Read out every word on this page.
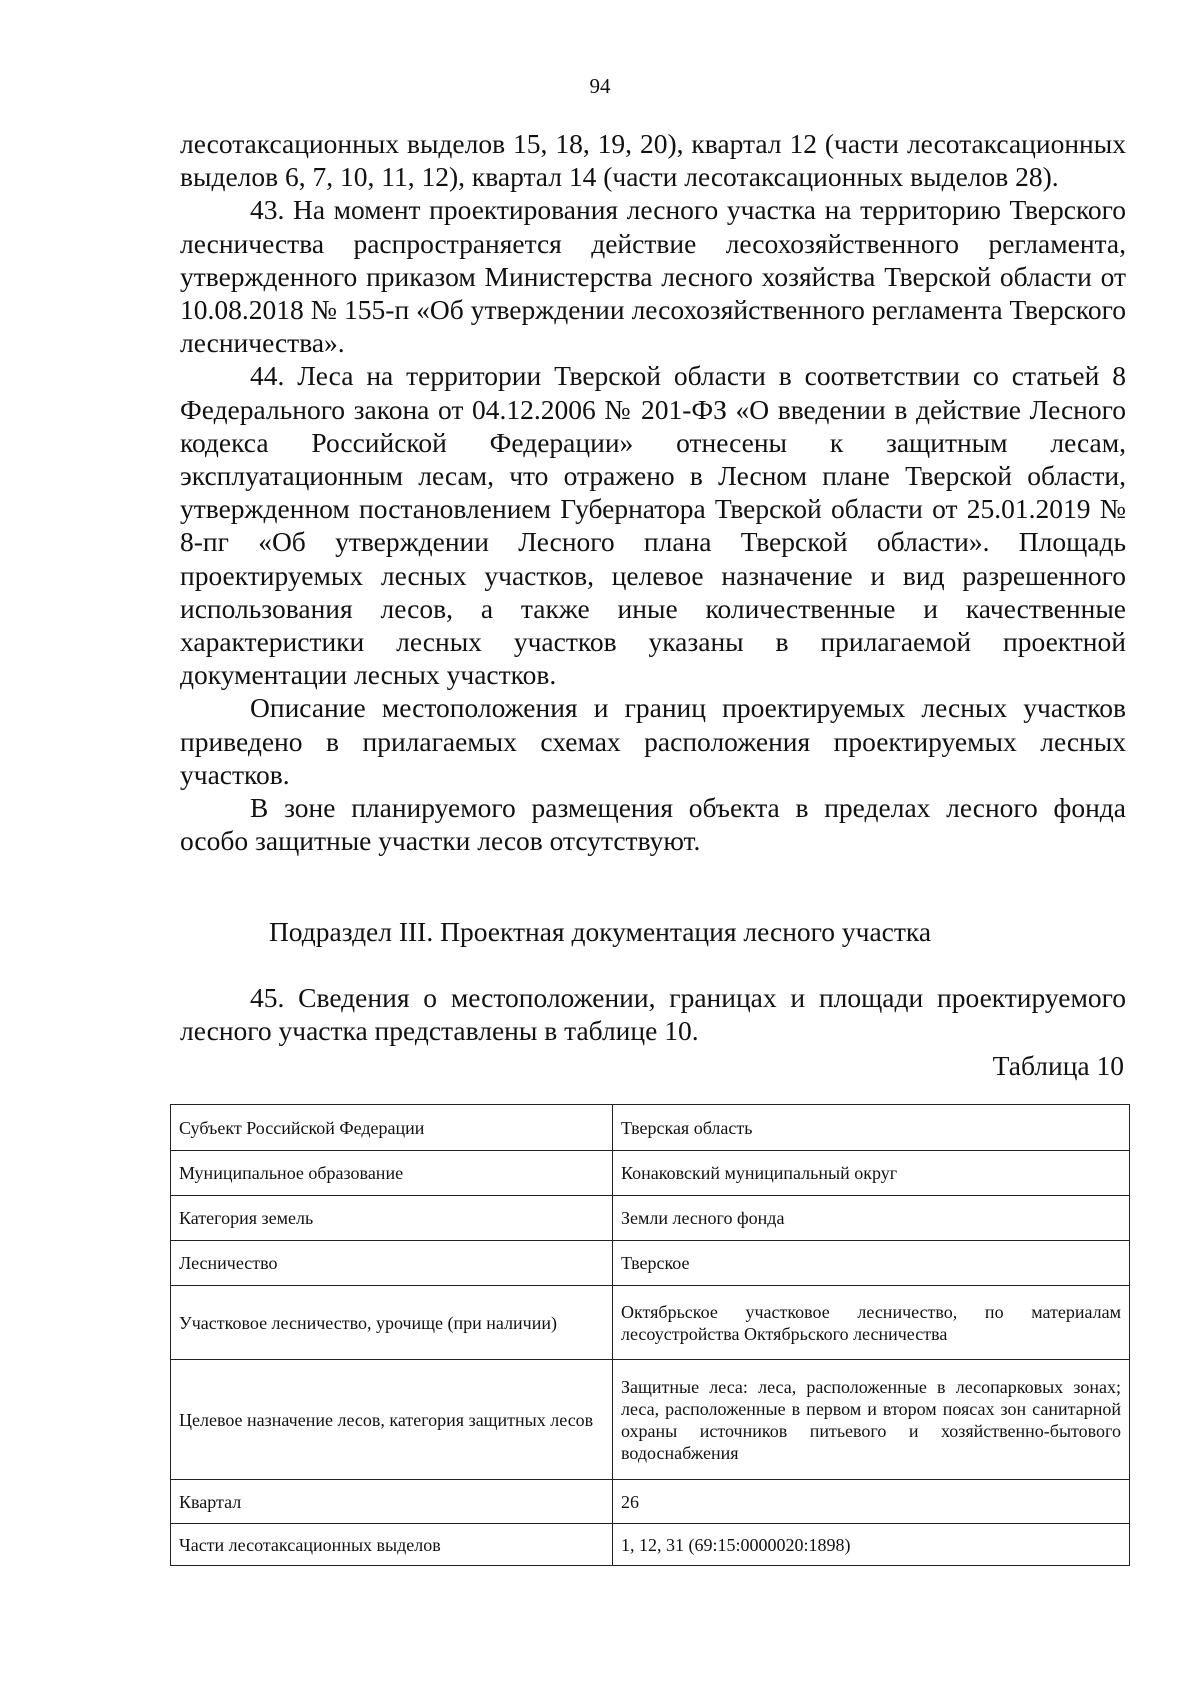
94

лесотаксационных выделов 15, 18, 19, 20), квартал 12 (части лесотаксационных выделов 6, 7, 10, 11, 12), квартал 14 (части лесотаксационных выделов 28).

43. На момент проектирования лесного участка на территорию Тверского лесничества распространяется действие лесохозяйственного регламента, утвержденного приказом Министерства лесного хозяйства Тверской области от 10.08.2018 № 155-п «Об утверждении лесохозяйственного регламента Тверского лесничества».

44. Леса на территории Тверской области в соответствии со статьей 8 Федерального закона от 04.12.2006 № 201-ФЗ «О введении в действие Лесного кодекса Российской Федерации» отнесены к защитным лесам, эксплуатационным лесам, что отражено в Лесном плане Тверской области, утвержденном постановлением Губернатора Тверской области от 25.01.2019 № 8-пг «Об утверждении Лесного плана Тверской области». Площадь проектируемых лесных участков, целевое назначение и вид разрешенного использования лесов, а также иные количественные и качественные характеристики лесных участков указаны в прилагаемой проектной документации лесных участков.

Описание местоположения и границ проектируемых лесных участков приведено в прилагаемых схемах расположения проектируемых лесных участков.

В зоне планируемого размещения объекта в пределах лесного фонда особо защитные участки лесов отсутствуют.

Подраздел III. Проектная документация лесного участка

45. Сведения о местоположении, границах и площади проектируемого лесного участка представлены в таблице 10.

Таблица 10
Субъект Российской Федерации	Тверская область
Муниципальное образование	Конаковский муниципальный округ
Категория земель	Земли лесного фонда
Лесничество	Тверское
Участковое лесничество, урочище (при наличии)	Октябрьское участковое лесничество, по материалам лесоустройства Октябрьского лесничества
Целевое назначение лесов, категория защитных лесов	Защитные леса: леса, расположенные в лесопарковых зонах; леса, расположенные в первом и втором поясах зон санитарной охраны источников питьевого и хозяйственно-бытового водоснабжения
Квартал	26
Части лесотаксационных выделов	1, 12, 31 (69:15:0000020:1898)
